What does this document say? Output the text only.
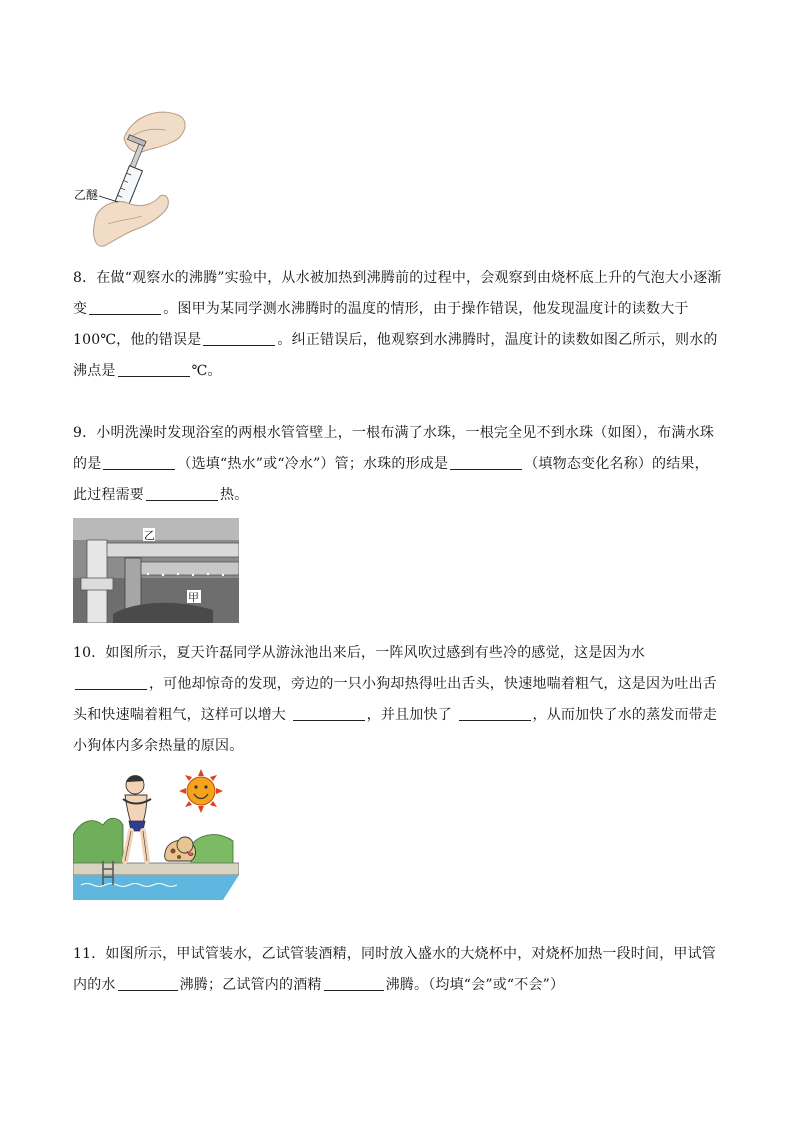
乙醚
8．在做“观察水的沸腾”实验中，从水被加热到沸腾前的过程中，会观察到由烧杯底上升的气泡大小逐渐变	。图甲为某同学测水沸腾时的温度的情形，由于操作错误，他发现温度计的读数大于100℃，他的错误是	。纠正错误后，他观察到水沸腾时，温度计的读数如图乙所示，则水的沸点是	℃。
9．小明洗澡时发现浴室的两根水管管壁上，一根布满了水珠，一根完全见不到水珠（如图），布满水珠的是	（选填“热水”或“冷水”）管；水珠的形成是	（填物态变化名称）的结果，此过程需要	热。
乙
甲
10．如图所示，夏天许磊同学从游泳池出来后，一阵风吹过感到有些冷的感觉，这是因为水 ，可他却惊奇的发现，旁边的一只小狗却热得吐出舌头，快速地喘着粗气，这是因为吐出舌头和快速喘着粗气，这样可以增大	，并且加快了	，从而加快了水的蒸发而带走小狗体内多余热量的原因。
11．如图所示，甲试管装水，乙试管装酒精，同时放入盛水的大烧杯中，对烧杯加热一段时间，甲试管内的水	沸腾；乙试管内的酒精	沸腾。（均填“会”或“不会”）
